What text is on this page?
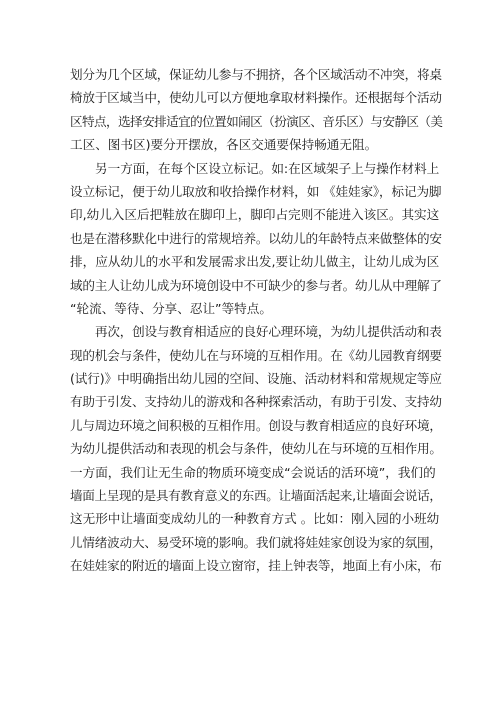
划分为几个区域，保证幼儿参与不拥挤，各个区域活动不冲突，将桌
椅放于区域当中，使幼儿可以方便地拿取材料操作。还根据每个活动
区特点，选择安排适宜的位置如闹区（扮演区、音乐区）与安静区（美
工区、图书区)要分开摆放，各区交通要保持畅通无阻。
另一方面，在每个区设立标记。如:在区域架子上与操作材料上
设立标记，便于幼儿取放和收拾操作材料，如 《娃娃家》，标记为脚
印,幼儿入区后把鞋放在脚印上，脚印占完则不能进入该区。其实这
也是在潜移默化中进行的常规培养。以幼儿的年龄特点来做整体的安
排，应从幼儿的水平和发展需求出发,要让幼儿做主，让幼儿成为区
域的主人让幼儿成为环境创设中不可缺少的参与者。幼儿从中理解了
“轮流、等待、分享、忍让”等特点。
再次，创设与教育相适应的良好心理环境，为幼儿提供活动和表
现的机会与条件，使幼儿在与环境的互相作用。在《幼儿园教育纲要
(试行)》中明确指出幼儿园的空间、设施、活动材料和常规规定等应
有助于引发、支持幼儿的游戏和各种探索活动，有助于引发、支持幼
儿与周边环境之间积极的互相作用。创设与教育相适应的良好环境，
为幼儿提供活动和表现的机会与条件，使幼儿在与环境的互相作用。
一方面，我们让无生命的物质环境变成“会说话的活环境”，我们的
墙面上呈现的是具有教育意义的东西。让墙面活起来,让墙面会说话，
这无形中让墙面变成幼儿的一种教育方式 。比如：刚入园的小班幼
儿情绪波动大、易受环境的影响。我们就将娃娃家创设为家的氛围，
在娃娃家的附近的墙面上设立窗帘，挂上钟表等，地面上有小床，布
